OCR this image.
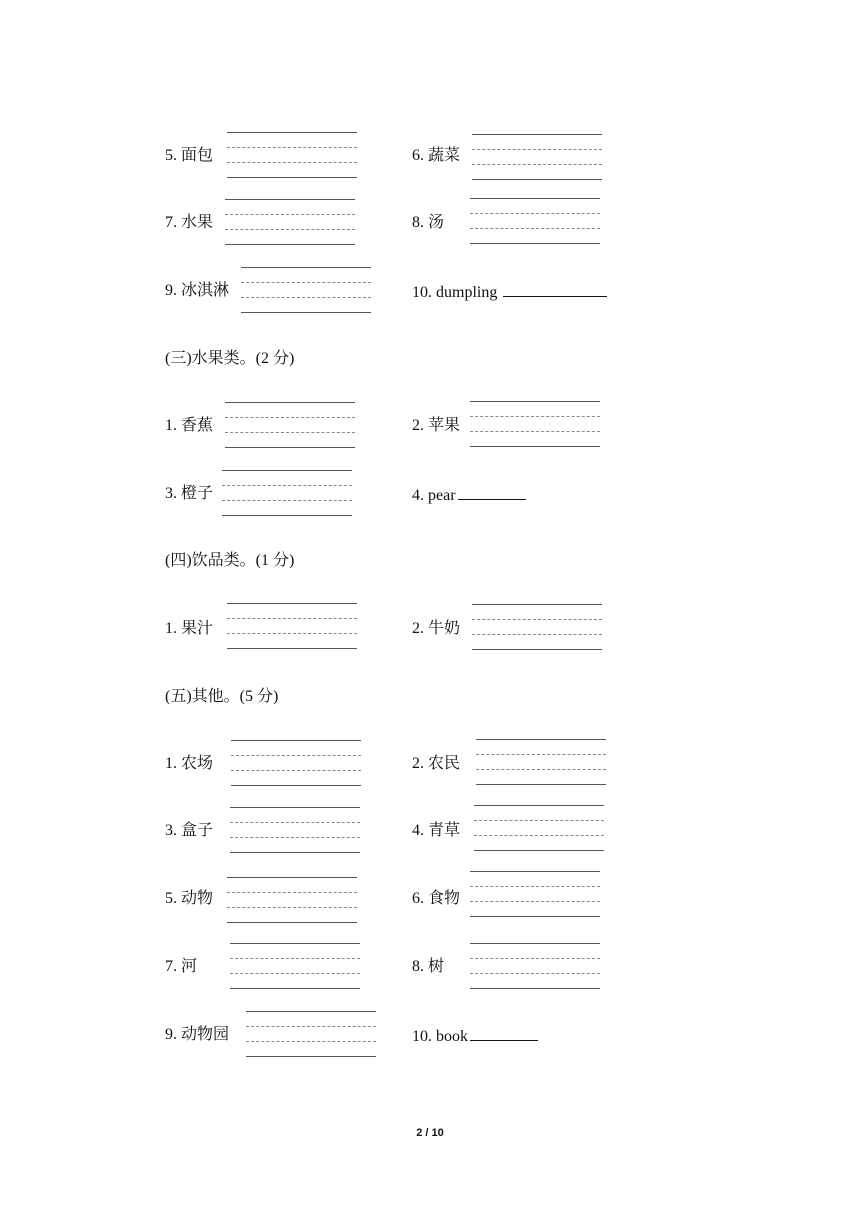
5. 面包	6. 蔬菜
7. 水果	8. 汤
9. 冰淇淋	10. dumpling
(三)水果类。(2 分)
1. 香蕉	2. 苹果
3. 橙子	4. pear
(四)饮品类。(1 分)
1. 果汁	2. 牛奶
(五)其他。(5 分)
1. 农场	2. 农民
3. 盒子	4. 青草
5. 动物	6. 食物
7. 河	8. 树
9. 动物园	10. book
2 / 10
